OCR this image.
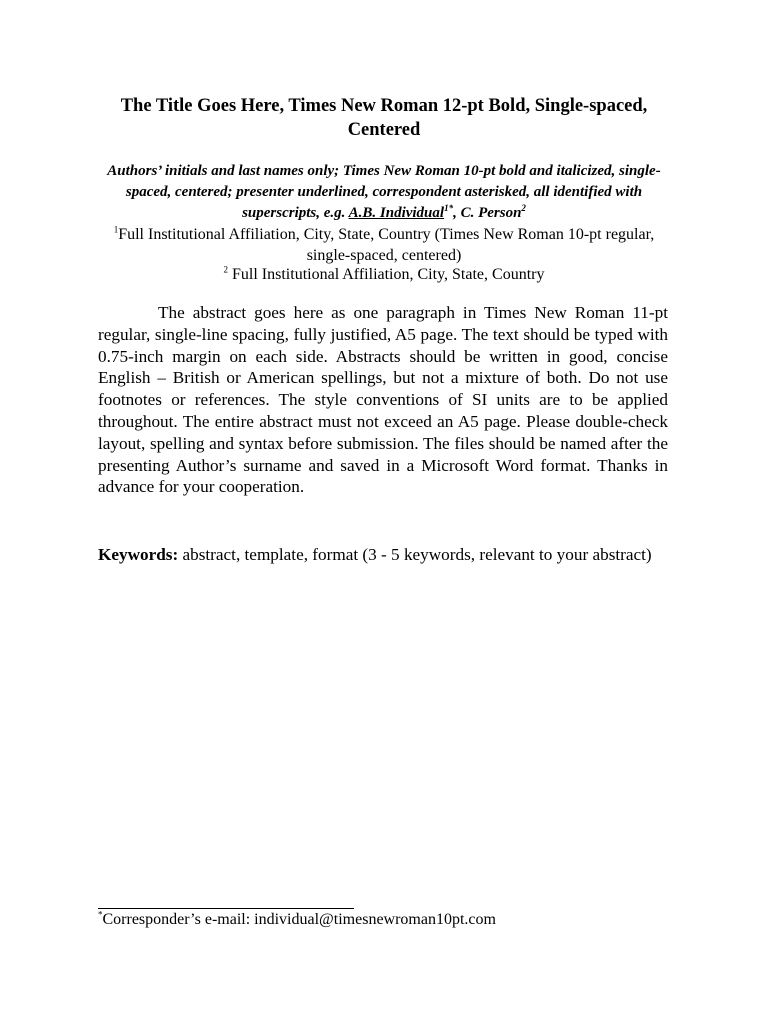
The Title Goes Here, Times New Roman 12-pt Bold, Single-spaced, Centered
Authors’ initials and last names only; Times New Roman 10-pt bold and italicized, single-spaced, centered; presenter underlined, correspondent asterisked, all identified with superscripts, e.g. A.B. Individual$^{1*}$, C. Person$^2$
$^1$Full Institutional Affiliation, City, State, Country (Times New Roman 10-pt regular, single-spaced, centered)
$^2$ Full Institutional Affiliation, City, State, Country

The abstract goes here as one paragraph in Times New Roman 11-pt regular, single-line spacing, fully justified, A5 page. The text should be typed with 0.75-inch margin on each side. Abstracts should be written in good, concise English – British or American spellings, but not a mixture of both. Do not use footnotes or references. The style conventions of SI units are to be applied throughout. The entire abstract must not exceed an A5 page. Please double-check layout, spelling and syntax before submission. The files should be named after the presenting Author’s surname and saved in a Microsoft Word format. Thanks in advance for your cooperation.

Keywords: abstract, template, format (3 - 5 keywords, relevant to your abstract)

*Corresponder’s e-mail: individual@timesnewroman10pt.com
